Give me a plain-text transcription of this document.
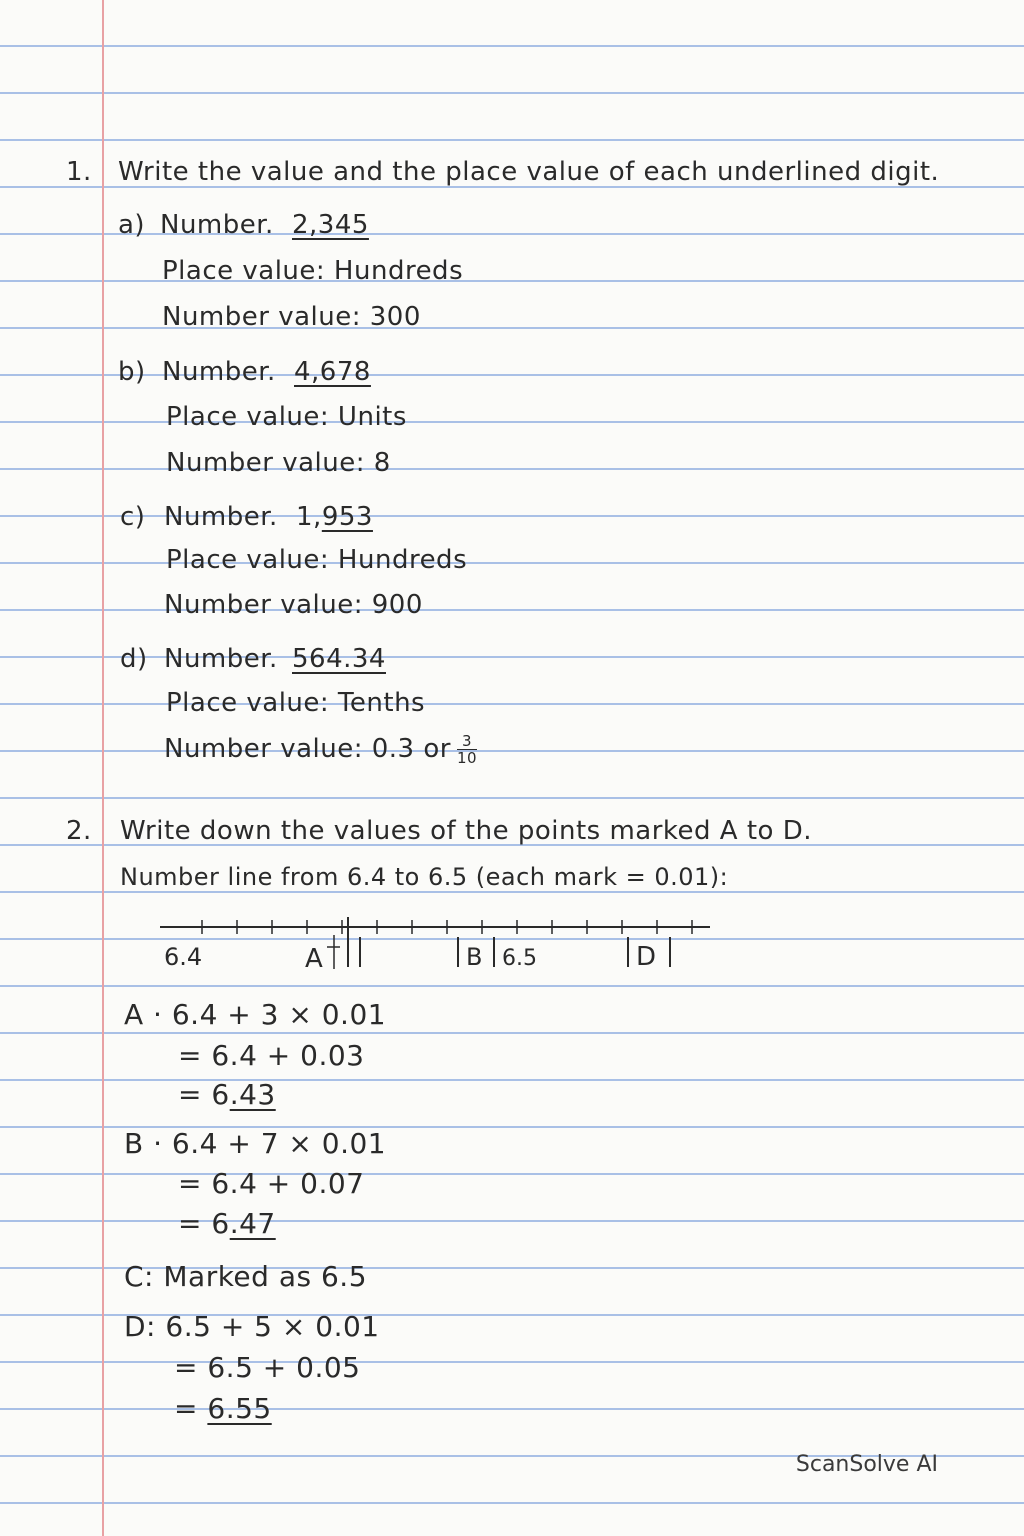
1. Write the value and the place value of each underlined digit.
a) Number. 2,345
Place value: Hundreds
Number value: 300
b) Number. 4,678
Place value: Units
Number value: 8
c) Number. 1,953
Place value: Hundreds
Number value: 900
d) Number. 564.34
Place value: Tenths
Number value: 0.3 or $\frac{3}{10}$
2. Write down the values of the points marked A to D.
Number line from 6.4 to 6.5 (each mark = 0.01):
6.4	A	B 6.5	D
A · 6.4 + 3 × 0.01
= 6.4 + 0.03
= 6.43
B · 6.4 + 7 × 0.01
= 6.4 + 0.07
= 6.47
C: Marked as 6.5
D: 6.5 + 5 × 0.01
= 6.5 + 0.05
= 6.55
ScanSolve AI
